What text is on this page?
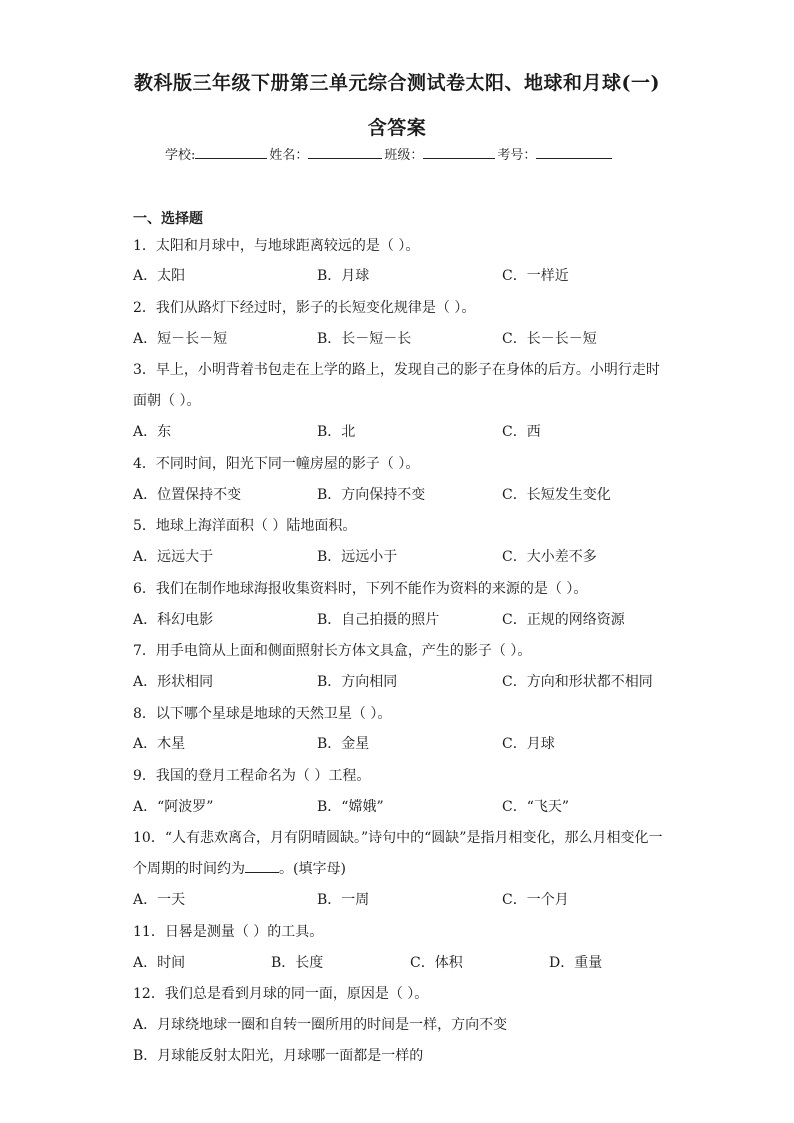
教科版三年级下册第三单元综合测试卷太阳、地球和月球(一)
含答案
学校:	姓名：	班级：	考号：
一、选择题
1．太阳和月球中，与地球距离较远的是（ ）。
A．太阳	B．月球	C．一样近
2．我们从路灯下经过时，影子的长短变化规律是（ ）。
A．短－长－短	B．长－短－长	C．长－长－短
3．早上，小明背着书包走在上学的路上，发现自己的影子在身体的后方。小明行走时
面朝（ ）。
A．东	B．北	C．西
4．不同时间，阳光下同一幢房屋的影子（ ）。
A．位置保持不变	B．方向保持不变	C．长短发生变化
5．地球上海洋面积（ ）陆地面积。
A．远远大于	B．远远小于	C．大小差不多
6．我们在制作地球海报收集资料时，下列不能作为资料的来源的是（ ）。
A．科幻电影	B．自己拍摄的照片	C．正规的网络资源
7．用手电筒从上面和侧面照射长方体文具盒，产生的影子（ ）。
A．形状相同	B．方向相同	C．方向和形状都不相同
8．以下哪个星球是地球的天然卫星（ ）。
A．木星	B．金星	C．月球
9．我国的登月工程命名为（ ）工程。
A．“阿波罗”	B．“嫦娥”	C．“飞天”
10．“人有悲欢离合，月有阴晴圆缺。”诗句中的“圆缺”是指月相变化，那么月相变化一
个周期的时间约为 。(填字母)
A．一天	B．一周	C．一个月
11．日晷是测量（ ）的工具。
A．时间	B．长度	C．体积	D．重量
12．我们总是看到月球的同一面，原因是（ ）。
A．月球绕地球一圈和自转一圈所用的时间是一样，方向不变
B．月球能反射太阳光，月球哪一面都是一样的
